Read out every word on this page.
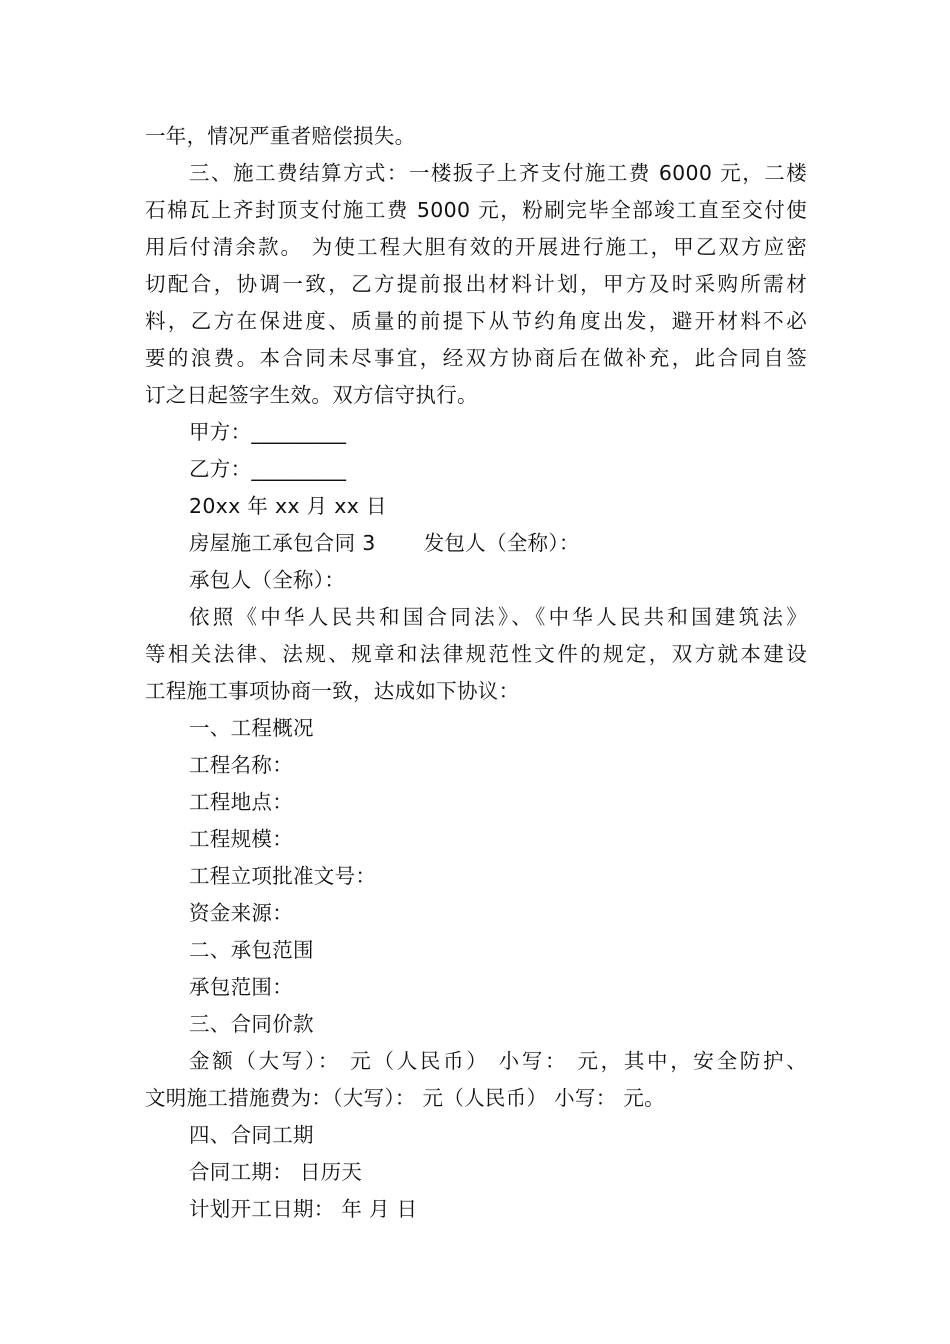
一年，情况严重者赔偿损失。
三、施工费结算方式：一楼扳子上齐支付施工费 6000 元，二楼
石棉瓦上齐封顶支付施工费 5000 元，粉刷完毕全部竣工直至交付使
用后付清余款。 为使工程大胆有效的开展进行施工，甲乙双方应密
切配合，协调一致，乙方提前报出材料计划，甲方及时采购所需材
料，乙方在保进度、质量的前提下从节约角度出发，避开材料不必
要的浪费。本合同未尽事宜，经双方协商后在做补充，此合同自签
订之日起签字生效。双方信守执行。
甲方：_________
乙方：_________
20xx 年 xx 月 xx 日
房屋施工承包合同 3 发包人（全称）：
承包人（全称）：
依照《中华人民共和国合同法》、《中华人民共和国建筑法》
等相关法律、法规、规章和法律规范性文件的规定，双方就本建设
工程施工事项协商一致，达成如下协议：
一、工程概况
工程名称：
工程地点：
工程规模：
工程立项批准文号：
资金来源：
二、承包范围
承包范围：
三、合同价款
金额（大写）： 元（人民币） 小写： 元，其中，安全防护、
文明施工措施费为：（大写）： 元（人民币） 小写： 元。
四、合同工期
合同工期： 日历天
计划开工日期： 年 月 日
